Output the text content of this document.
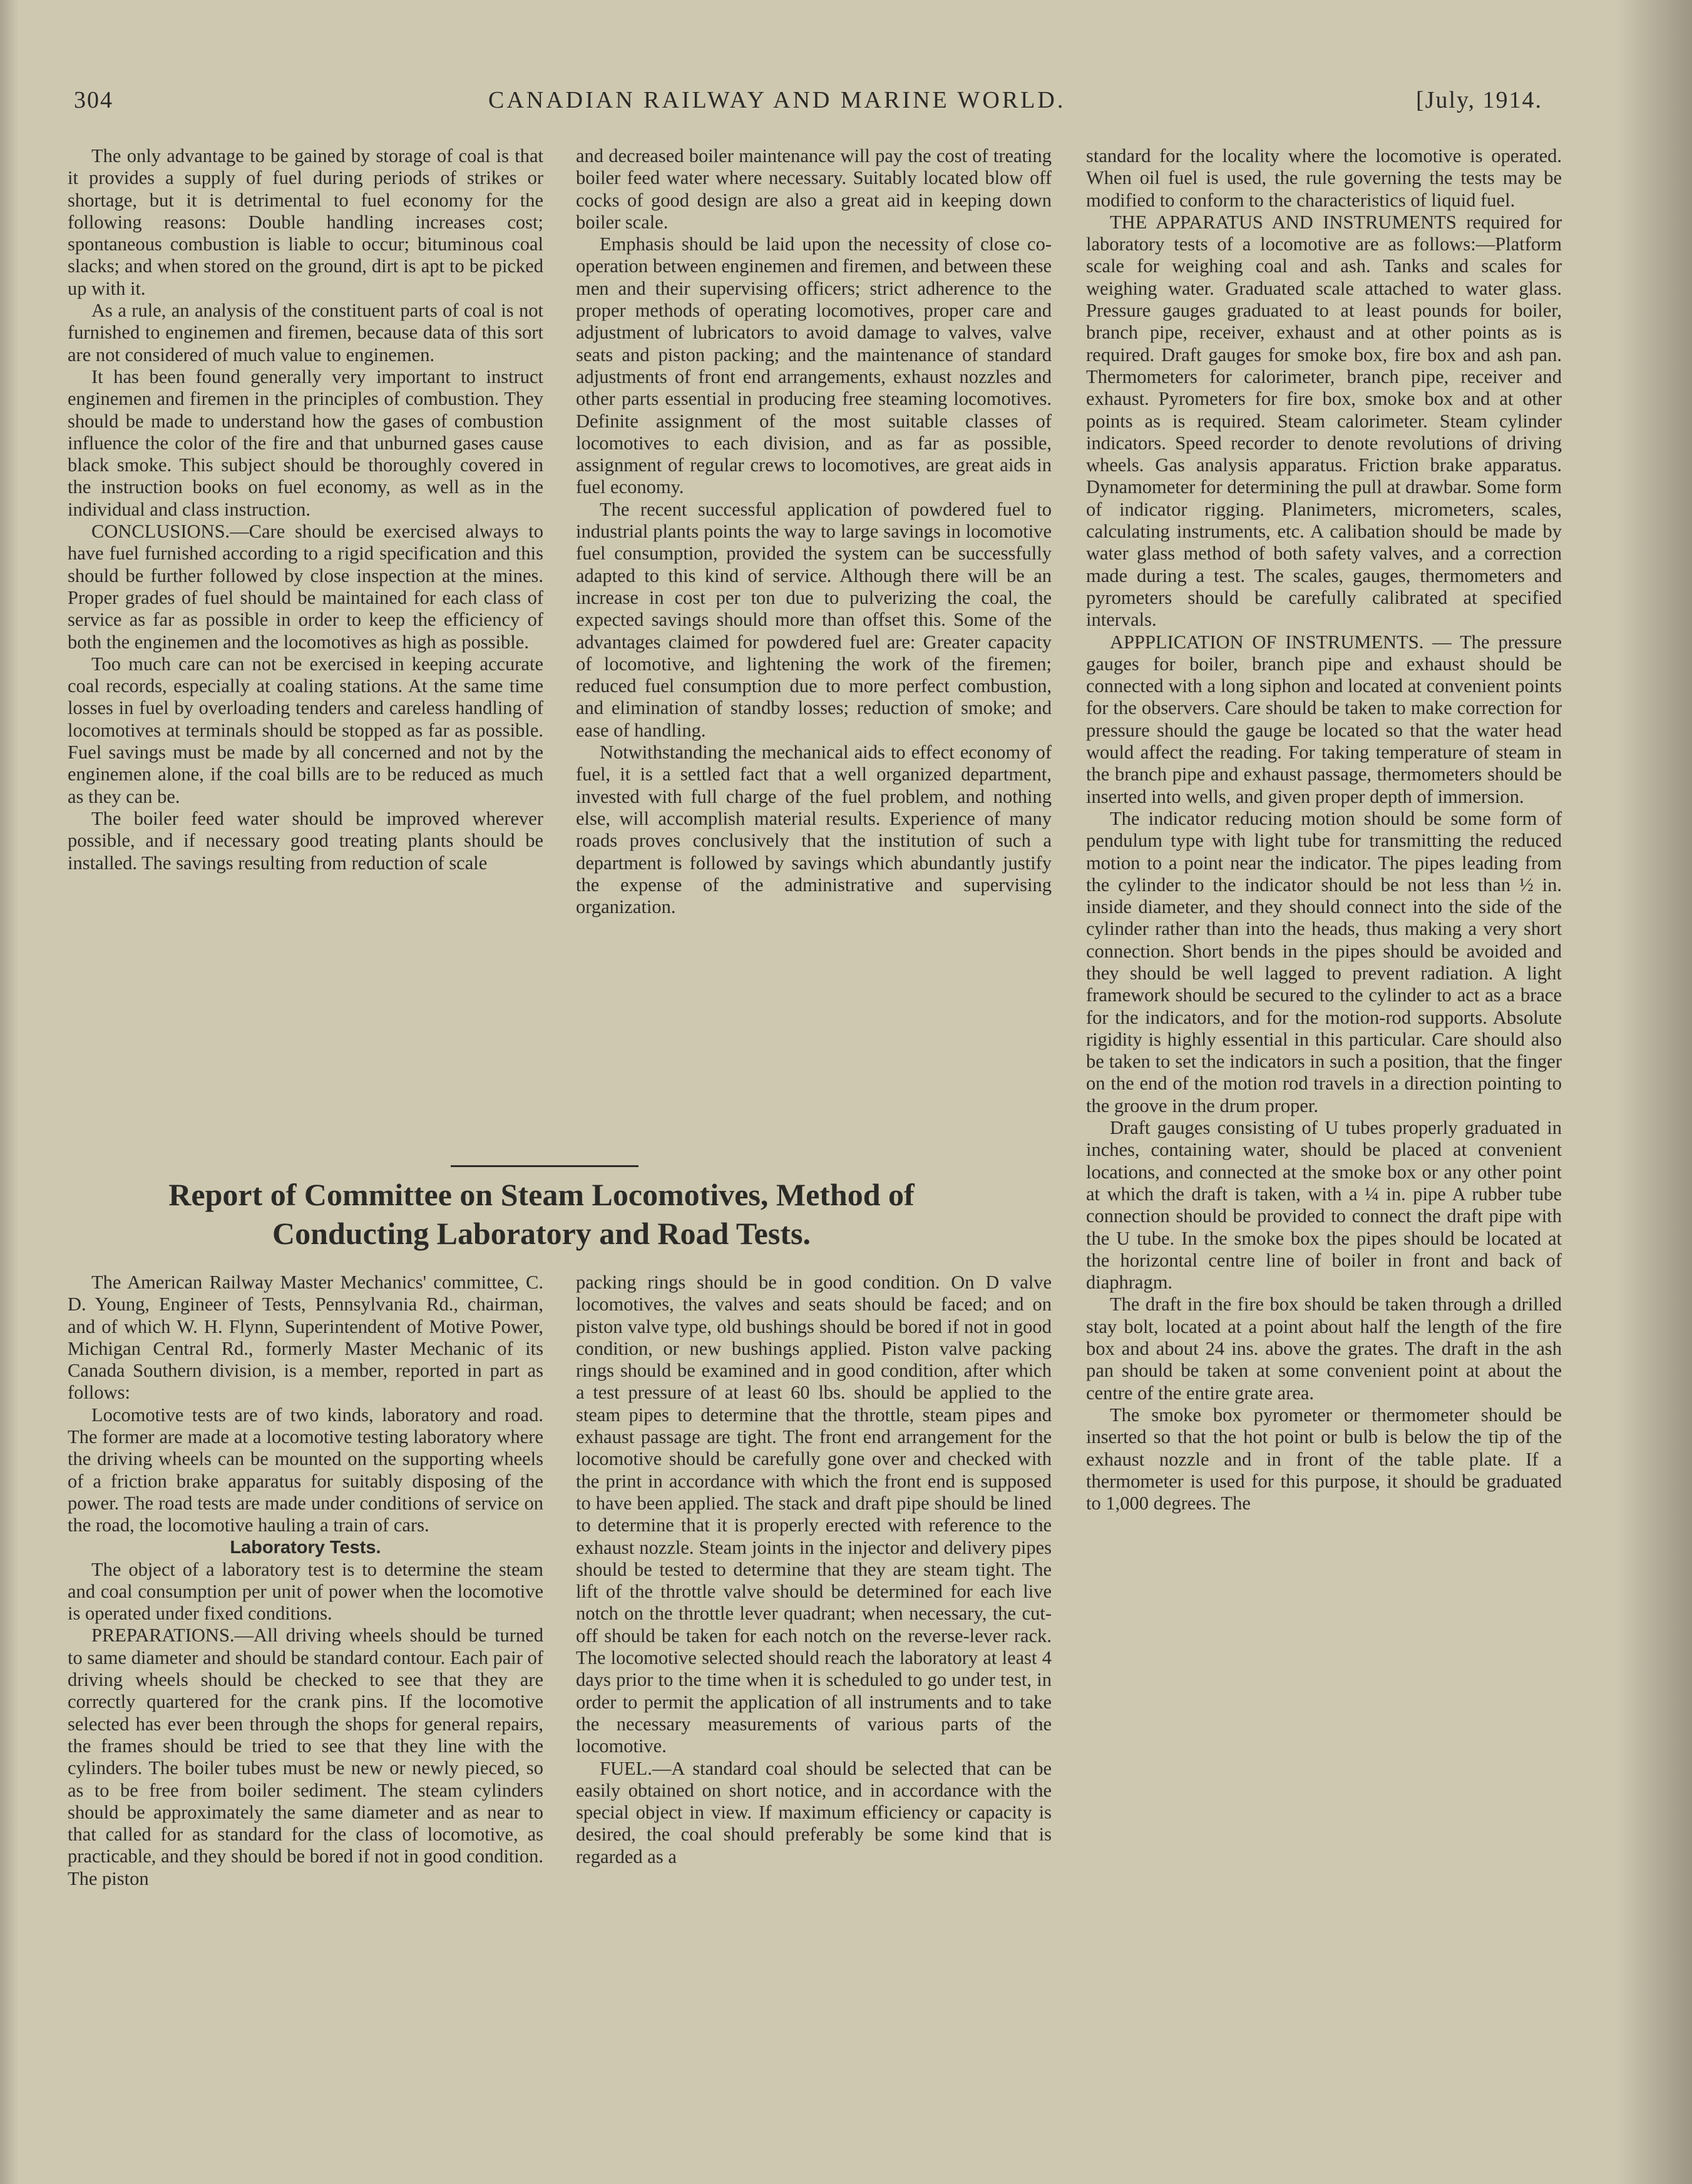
304	CANADIAN RAILWAY AND MARINE WORLD.	[July, 1914.

The only advantage to be gained by storage of coal is that it provides a supply of fuel during periods of strikes or shortage, but it is detrimental to fuel economy for the following reasons: Double handling increases cost; spontaneous combustion is liable to occur; bituminous coal slacks; and when stored on the ground, dirt is apt to be picked up with it.

As a rule, an analysis of the constituent parts of coal is not furnished to enginemen and firemen, because data of this sort are not considered of much value to enginemen.

It has been found generally very important to instruct enginemen and firemen in the principles of combustion. They should be made to understand how the gases of combustion influence the color of the fire and that unburned gases cause black smoke. This subject should be thoroughly covered in the instruction books on fuel economy, as well as in the individual and class instruction.

CONCLUSIONS.—Care should be exercised always to have fuel furnished according to a rigid specification and this should be further followed by close inspection at the mines. Proper grades of fuel should be maintained for each class of service as far as possible in order to keep the efficiency of both the enginemen and the locomotives as high as possible.

Too much care can not be exercised in keeping accurate coal records, especially at coaling stations. At the same time losses in fuel by overloading tenders and careless handling of locomotives at terminals should be stopped as far as possible. Fuel savings must be made by all concerned and not by the enginemen alone, if the coal bills are to be reduced as much as they can be.

The boiler feed water should be improved wherever possible, and if necessary good treating plants should be installed. The savings resulting from reduction of scale

and decreased boiler maintenance will pay the cost of treating boiler feed water where necessary. Suitably located blow off cocks of good design are also a great aid in keeping down boiler scale.

Emphasis should be laid upon the necessity of close co-operation between enginemen and firemen, and between these men and their supervising officers; strict adherence to the proper methods of operating locomotives, proper care and adjustment of lubricators to avoid damage to valves, valve seats and piston packing; and the maintenance of standard adjustments of front end arrangements, exhaust nozzles and other parts essential in producing free steaming locomotives. Definite assignment of the most suitable classes of locomotives to each division, and as far as possible, assignment of regular crews to locomotives, are great aids in fuel economy.

The recent successful application of powdered fuel to industrial plants points the way to large savings in locomotive fuel consumption, provided the system can be successfully adapted to this kind of service. Although there will be an increase in cost per ton due to pulverizing the coal, the expected savings should more than offset this. Some of the advantages claimed for powdered fuel are: Greater capacity of locomotive, and lightening the work of the firemen; reduced fuel consumption due to more perfect combustion, and elimination of standby losses; reduction of smoke; and ease of handling.

Notwithstanding the mechanical aids to effect economy of fuel, it is a settled fact that a well organized department, invested with full charge of the fuel problem, and nothing else, will accomplish material results. Experience of many roads proves conclusively that the institution of such a department is followed by savings which abundantly justify the expense of the administrative and supervising organization.

Report of Committee on Steam Locomotives, Method of
Conducting Laboratory and Road Tests.

The American Railway Master Mechanics' committee, C. D. Young, Engineer of Tests, Pennsylvania Rd., chairman, and of which W. H. Flynn, Superintendent of Motive Power, Michigan Central Rd., formerly Master Mechanic of its Canada Southern division, is a member, reported in part as follows:

Locomotive tests are of two kinds, laboratory and road. The former are made at a locomotive testing laboratory where the driving wheels can be mounted on the supporting wheels of a friction brake apparatus for suitably disposing of the power. The road tests are made under conditions of service on the road, the locomotive hauling a train of cars.

Laboratory Tests.

The object of a laboratory test is to determine the steam and coal consumption per unit of power when the locomotive is operated under fixed conditions.

PREPARATIONS.—All driving wheels should be turned to same diameter and should be standard contour. Each pair of driving wheels should be checked to see that they are correctly quartered for the crank pins. If the locomotive selected has ever been through the shops for general repairs, the frames should be tried to see that they line with the cylinders. The boiler tubes must be new or newly pieced, so as to be free from boiler sediment. The steam cylinders should be approximately the same diameter and as near to that called for as standard for the class of locomotive, as practicable, and they should be bored if not in good condition. The piston

packing rings should be in good condition. On D valve locomotives, the valves and seats should be faced; and on piston valve type, old bushings should be bored if not in good condition, or new bushings applied. Piston valve packing rings should be examined and in good condition, after which a test pressure of at least 60 lbs. should be applied to the steam pipes to determine that the throttle, steam pipes and exhaust passage are tight. The front end arrangement for the locomotive should be carefully gone over and checked with the print in accordance with which the front end is supposed to have been applied. The stack and draft pipe should be lined to determine that it is properly erected with reference to the exhaust nozzle. Steam joints in the injector and delivery pipes should be tested to determine that they are steam tight. The lift of the throttle valve should be determined for each live notch on the throttle lever quadrant; when necessary, the cut-off should be taken for each notch on the reverse-lever rack. The locomotive selected should reach the laboratory at least 4 days prior to the time when it is scheduled to go under test, in order to permit the application of all instruments and to take the necessary measurements of various parts of the locomotive.

FUEL.—A standard coal should be selected that can be easily obtained on short notice, and in accordance with the special object in view. If maximum efficiency or capacity is desired, the coal should preferably be some kind that is regarded as a

standard for the locality where the locomotive is operated. When oil fuel is used, the rule governing the tests may be modified to conform to the characteristics of liquid fuel.

THE APPARATUS AND INSTRUMENTS required for laboratory tests of a locomotive are as follows:—Platform scale for weighing coal and ash. Tanks and scales for weighing water. Graduated scale attached to water glass. Pressure gauges graduated to at least pounds for boiler, branch pipe, receiver, exhaust and at other points as is required. Draft gauges for smoke box, fire box and ash pan. Thermometers for calorimeter, branch pipe, receiver and exhaust. Pyrometers for fire box, smoke box and at other points as is required. Steam calorimeter. Steam cylinder indicators. Speed recorder to denote revolutions of driving wheels. Gas analysis apparatus. Friction brake apparatus. Dynamometer for determining the pull at drawbar. Some form of indicator rigging. Planimeters, micrometers, scales, calculating instruments, etc. A calibation should be made by water glass method of both safety valves, and a correction made during a test. The scales, gauges, thermometers and pyrometers should be carefully calibrated at specified intervals.

APPPLICATION OF INSTRUMENTS. — The pressure gauges for boiler, branch pipe and exhaust should be connected with a long siphon and located at convenient points for the observers. Care should be taken to make correction for pressure should the gauge be located so that the water head would affect the reading. For taking temperature of steam in the branch pipe and exhaust passage, thermometers should be inserted into wells, and given proper depth of immersion.

The indicator reducing motion should be some form of pendulum type with light tube for transmitting the reduced motion to a point near the indicator. The pipes leading from the cylinder to the indicator should be not less than ½ in. inside diameter, and they should connect into the side of the cylinder rather than into the heads, thus making a very short connection. Short bends in the pipes should be avoided and they should be well lagged to prevent radiation. A light framework should be secured to the cylinder to act as a brace for the indicators, and for the motion-rod supports. Absolute rigidity is highly essential in this particular. Care should also be taken to set the indicators in such a position, that the finger on the end of the motion rod travels in a direction pointing to the groove in the drum proper.

Draft gauges consisting of U tubes properly graduated in inches, containing water, should be placed at convenient locations, and connected at the smoke box or any other point at which the draft is taken, with a ¼ in. pipe A rubber tube connection should be provided to connect the draft pipe with the U tube. In the smoke box the pipes should be located at the horizontal centre line of boiler in front and back of diaphragm.

The draft in the fire box should be taken through a drilled stay bolt, located at a point about half the length of the fire box and about 24 ins. above the grates. The draft in the ash pan should be taken at some convenient point at about the centre of the entire grate area.

The smoke box pyrometer or thermometer should be inserted so that the hot point or bulb is below the tip of the exhaust nozzle and in front of the table plate. If a thermometer is used for this purpose, it should be graduated to 1,000 degrees. The
